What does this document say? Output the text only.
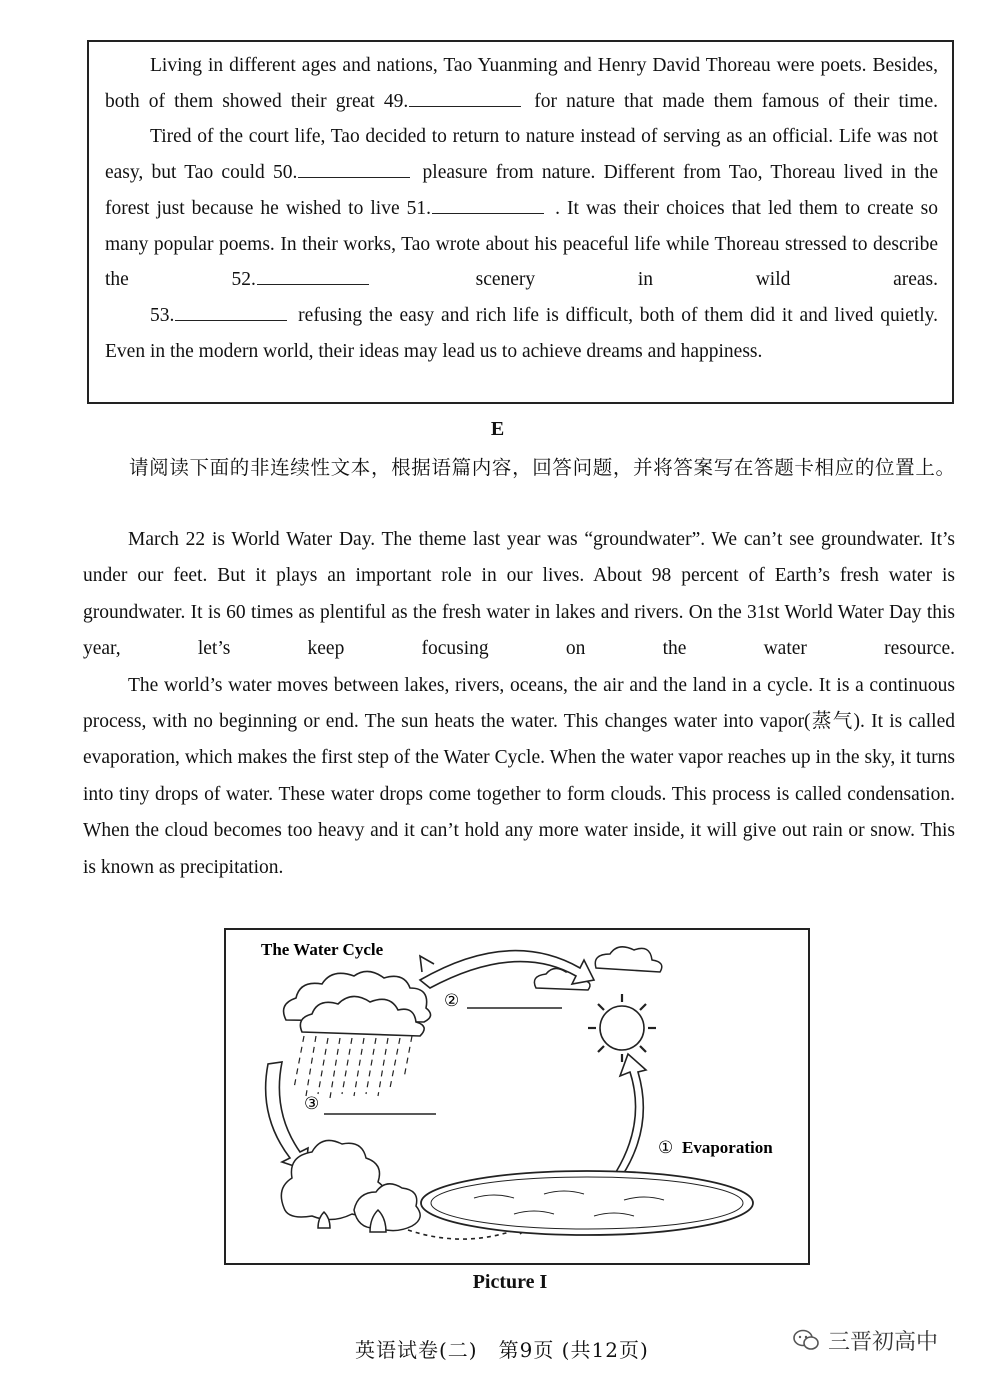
Living in different ages and nations, Tao Yuanming and Henry David Thoreau were poets. Besides, both of them showed their great 49.	for nature that made them famous of their time.

Tired of the court life, Tao decided to return to nature instead of serving as an official. Life was not easy, but Tao could 50.	pleasure from nature. Different from Tao, Thoreau lived in the forest just because he wished to live 51.	. It was their choices that led them to create so many popular poems. In their works, Tao wrote about his peaceful life while Thoreau stressed to describe the 52.	scenery in wild areas.

53.	refusing the easy and rich life is difficult, both of them did it and lived quietly. Even in the modern world, their ideas may lead us to achieve dreams and happiness.

E
请阅读下面的非连续性文本，根据语篇内容，回答问题，并将答案写在答题卡相应的位置上。

March 22 is World Water Day. The theme last year was “groundwater”. We can’t see groundwater. It’s under our feet. But it plays an important role in our lives. About 98 percent of Earth’s fresh water is groundwater. It is 60 times as plentiful as the fresh water in lakes and rivers. On the 31st World Water Day this year, let’s keep focusing on the water resource.

The world’s water moves between lakes, rivers, oceans, the air and the land in a cycle. It is a continuous process, with no beginning or end. The sun heats the water. This changes water into vapor(蒸气). It is called evaporation, which makes the first step of the Water Cycle. When the water vapor reaches up in the sky, it turns into tiny drops of water. These water drops come together to form clouds. This process is called condensation. When the cloud becomes too heavy and it can’t hold any more water inside, it will give out rain or snow. This is known as precipitation.

The Water Cycle
②
③
① Evaporation
Picture I
英语试卷(二)　第9页 (共12页)	三晋初高中
